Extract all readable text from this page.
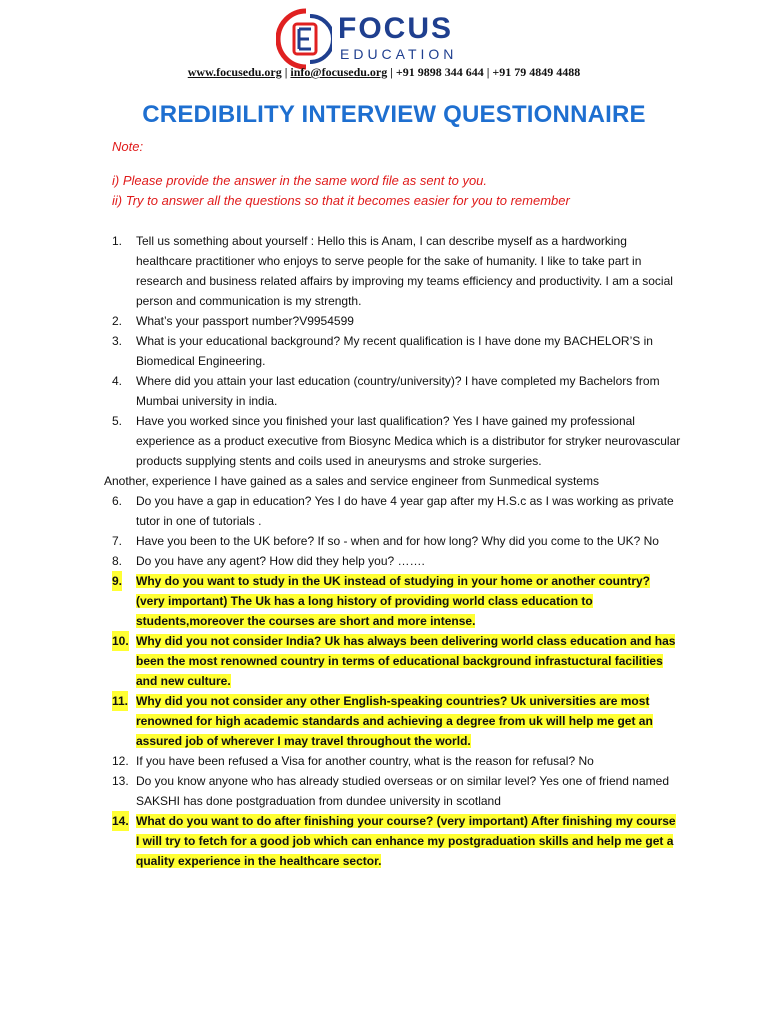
FOCUS
EDUCATION
www.focusedu.org | info@focusedu.org | +91 9898 344 644 | +91 79 4849 4488
CREDIBILITY INTERVIEW QUESTIONNAIRE
Note:
i) Please provide the answer in the same word file as sent to you.
ii) Try to answer all the questions so that it becomes easier for you to remember
1. Tell us something about yourself : Hello this is Anam, I can describe myself as a hardworking healthcare practitioner who enjoys to serve people for the sake of humanity. I like to take part in research and business related affairs by improving my teams efficiency and productivity. I am a social person and communication is my strength.
2. What’s your passport number?V9954599
3. What is your educational background? My recent qualification is I have done my BACHELOR’S in Biomedical Engineering.
4. Where did you attain your last education (country/university)? I have completed my Bachelors from Mumbai university in india.
5. Have you worked since you finished your last qualification? Yes I have gained my professional experience as a product executive from Biosync Medica which is a distributor for stryker neurovascular products supplying stents and coils used in aneurysms and stroke surgeries.
Another, experience I have gained as a sales and service engineer from Sunmedical systems
6. Do you have a gap in education? Yes I do have 4 year gap after my H.S.c as I was working as private tutor in one of tutorials .
7. Have you been to the UK before? If so - when and for how long? Why did you come to the UK? No
8. Do you have any agent? How did they help you? …….
9. Why do you want to study in the UK instead of studying in your home or another country? (very important) The Uk has a long history of providing world class education to students,moreover the courses are short and more intense.
10. Why did you not consider India? Uk has always been delivering world class education and has been the most renowned country in terms of educational background infrastuctural facilities and new culture.
11. Why did you not consider any other English-speaking countries? Uk universities are most renowned for high academic standards and achieving a degree from uk will help me get an assured job of wherever I may travel throughout the world.
12. If you have been refused a Visa for another country, what is the reason for refusal? No
13. Do you know anyone who has already studied overseas or on similar level? Yes one of friend named SAKSHI has done postgraduation from dundee university in scotland
14. What do you want to do after finishing your course? (very important) After finishing my course I will try to fetch for a good job which can enhance my postgraduation skills and help me get a quality experience in the healthcare sector.
